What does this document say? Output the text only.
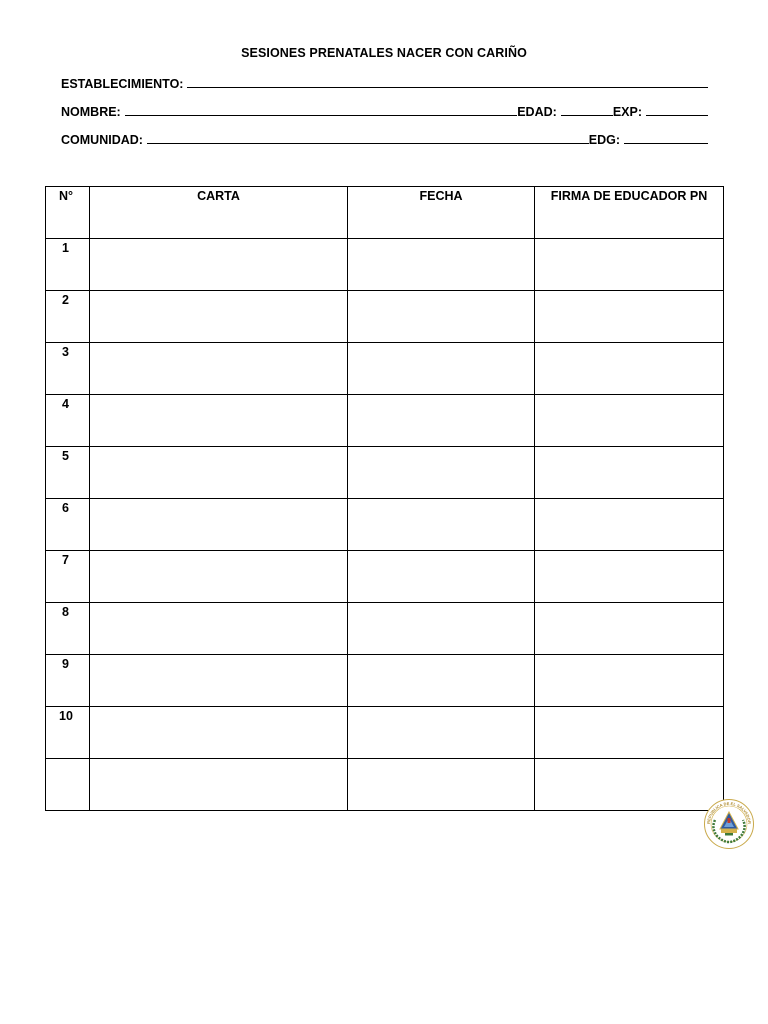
SESIONES PRENATALES NACER CON CARIÑO
ESTABLECIMIENTO:
NOMBRE:	EDAD:	EXP:
COMUNIDAD:	EDG:
N°	CARTA	FECHA	FIRMA DE EDUCADOR PN
1			
2			
3			
4			
5			
6			
7			
8			
9			
10			

REPUBLICA DE EL SALVADOR
